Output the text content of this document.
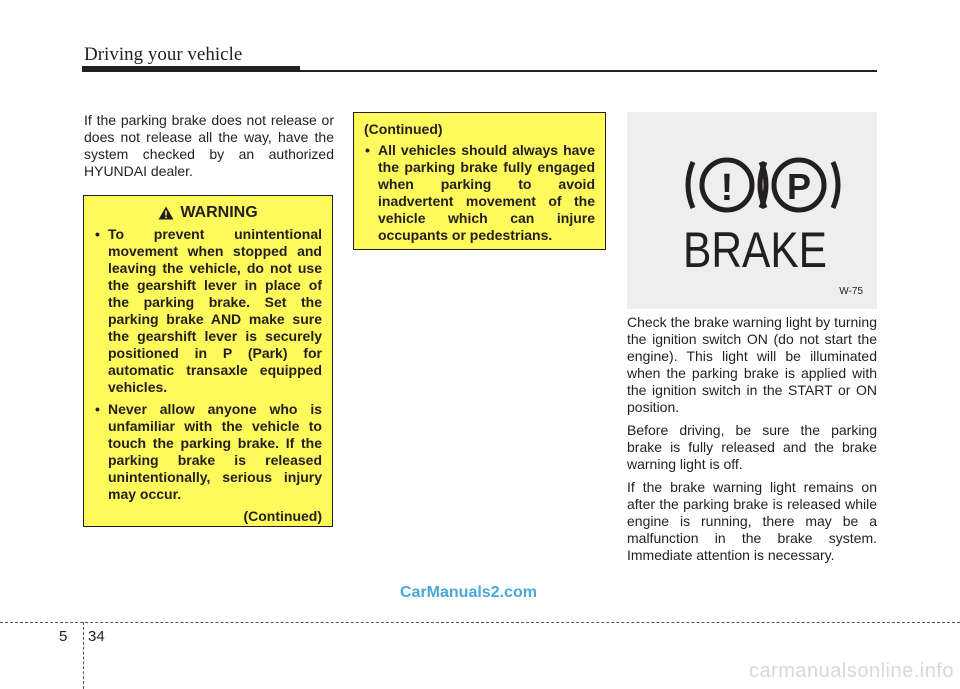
Driving your vehicle
If the parking brake does not release or does not release all the way, have the system checked by an authorized HYUNDAI dealer.
WARNING
• To prevent unintentional movement when stopped and leaving the vehicle, do not use the gearshift lever in place of the parking brake. Set the parking brake AND make sure the gearshift lever is securely positioned in P (Park) for automatic transaxle equipped vehicles.
• Never allow anyone who is unfamiliar with the vehicle to touch the parking brake. If the parking brake is released unintentionally, serious injury may occur.
(Continued)
(Continued)
• All vehicles should always have the parking brake fully engaged when parking to avoid inadvertent movement of the vehicle which can injure occupants or pedestrians.
! P
BRAKE
W-75

Check the brake warning light by turning the ignition switch ON (do not start the engine). This light will be illuminated when the parking brake is applied with the ignition switch in the START or ON position.

Before driving, be sure the parking brake is fully released and the brake warning light is off.

If the brake warning light remains on after the parking brake is released while engine is running, there may be a malfunction in the brake system. Immediate attention is necessary.

CarManuals2.com
5 34
carmanualsonline.info
